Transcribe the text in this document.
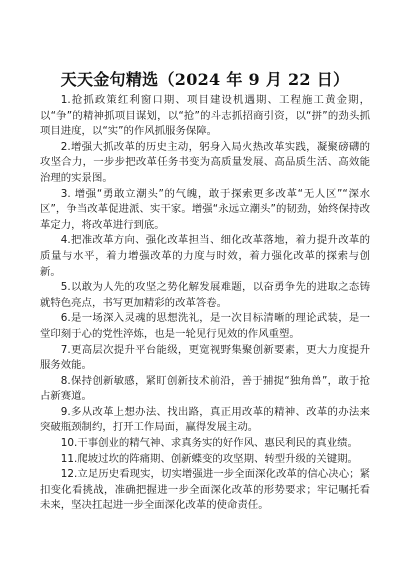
天天金句精选（2024 年 9 月 22 日）

1.抢抓政策红利窗口期、项目建设机遇期、工程施工黄金期，以“争”的精神抓项目谋划，以“抢”的斗志抓招商引资，以“拼”的劲头抓项目进度，以“实”的作风抓服务保障。

2.增强大抓改革的历史主动，躬身入局火热改革实践，凝聚磅礴的攻坚合力，一步步把改革任务书变为高质量发展、高品质生活、高效能治理的实景图。

3. 增强“勇敢立潮头”的气魄，敢于探索更多改革“无人区”“深水区”，争当改革促进派、实干家。增强“永远立潮头”的韧劲，始终保持改革定力，将改革进行到底。

4.把准改革方向、强化改革担当、细化改革落地，着力提升改革的质量与水平，着力增强改革的力度与时效，着力强化改革的探索与创新。

5.以敢为人先的攻坚之势化解发展难题，以奋勇争先的进取之态铸就特色亮点，书写更加精彩的改革答卷。

6.是一场深入灵魂的思想洗礼，是一次目标清晰的理论武装，是一堂印刻于心的党性淬炼，也是一轮见行见效的作风重塑。

7.更高层次提升平台能级，更宽视野集聚创新要素，更大力度提升服务效能。

8.保持创新敏感，紧盯创新技术前沿，善于捕捉“独角兽”，敢于抢占新赛道。

9.多从改革上想办法、找出路，真正用改革的精神、改革的办法来突破瓶颈制约，打开工作局面，赢得发展主动。

10.干事创业的精气神、求真务实的好作风、惠民利民的真业绩。

11.爬坡过坎的阵痛期、创新蝶变的攻坚期、转型升级的关键期。

12.立足历史看现实，切实增强进一步全面深化改革的信心决心；紧扣变化看挑战，准确把握进一步全面深化改革的形势要求；牢记嘱托看未来，坚决扛起进一步全面深化改革的使命责任。
